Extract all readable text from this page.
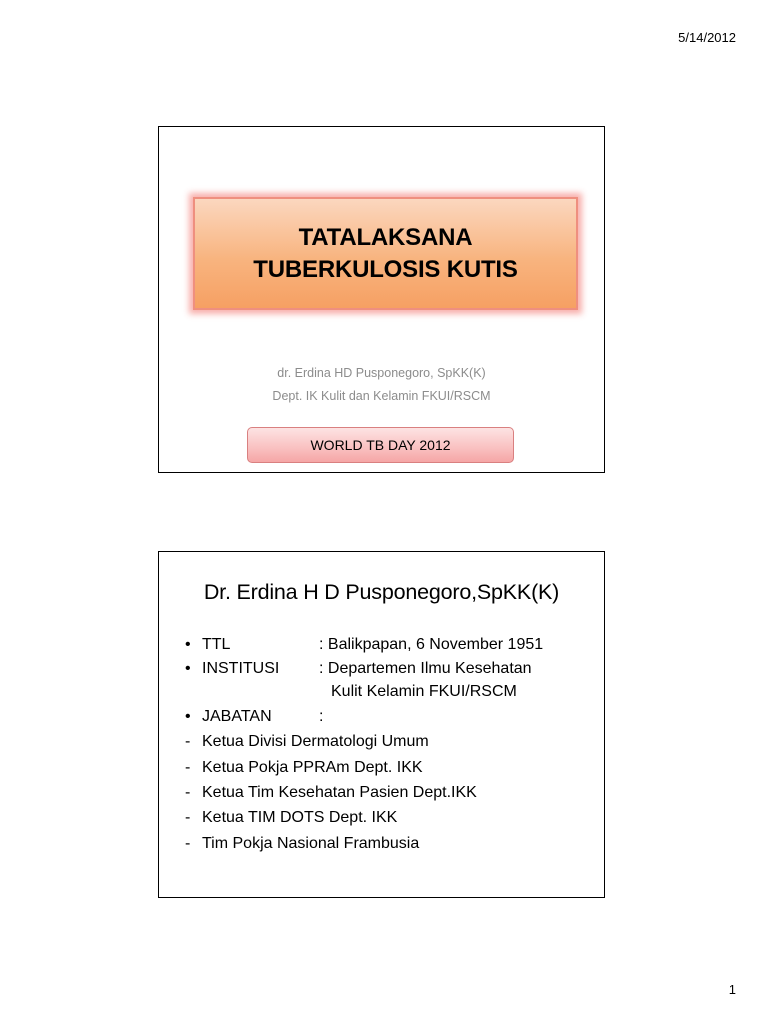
5/14/2012
TATALAKSANA
TUBERKULOSIS KUTIS
dr. Erdina HD Pusponegoro, SpKK(K)
Dept. IK Kulit dan Kelamin FKUI/RSCM
WORLD TB DAY 2012
Dr. Erdina H D Pusponegoro,SpKK(K)
• TTL	: Balikpapan, 6 November 1951
• INSTITUSI : Departemen Ilmu Kesehatan
Kulit Kelamin FKUI/RSCM
• JABATAN	:
- Ketua Divisi Dermatologi Umum
- Ketua Pokja PPRAm Dept. IKK
- Ketua Tim Kesehatan Pasien Dept.IKK
- Ketua TIM DOTS Dept. IKK
- Tim Pokja Nasional Frambusia
1
